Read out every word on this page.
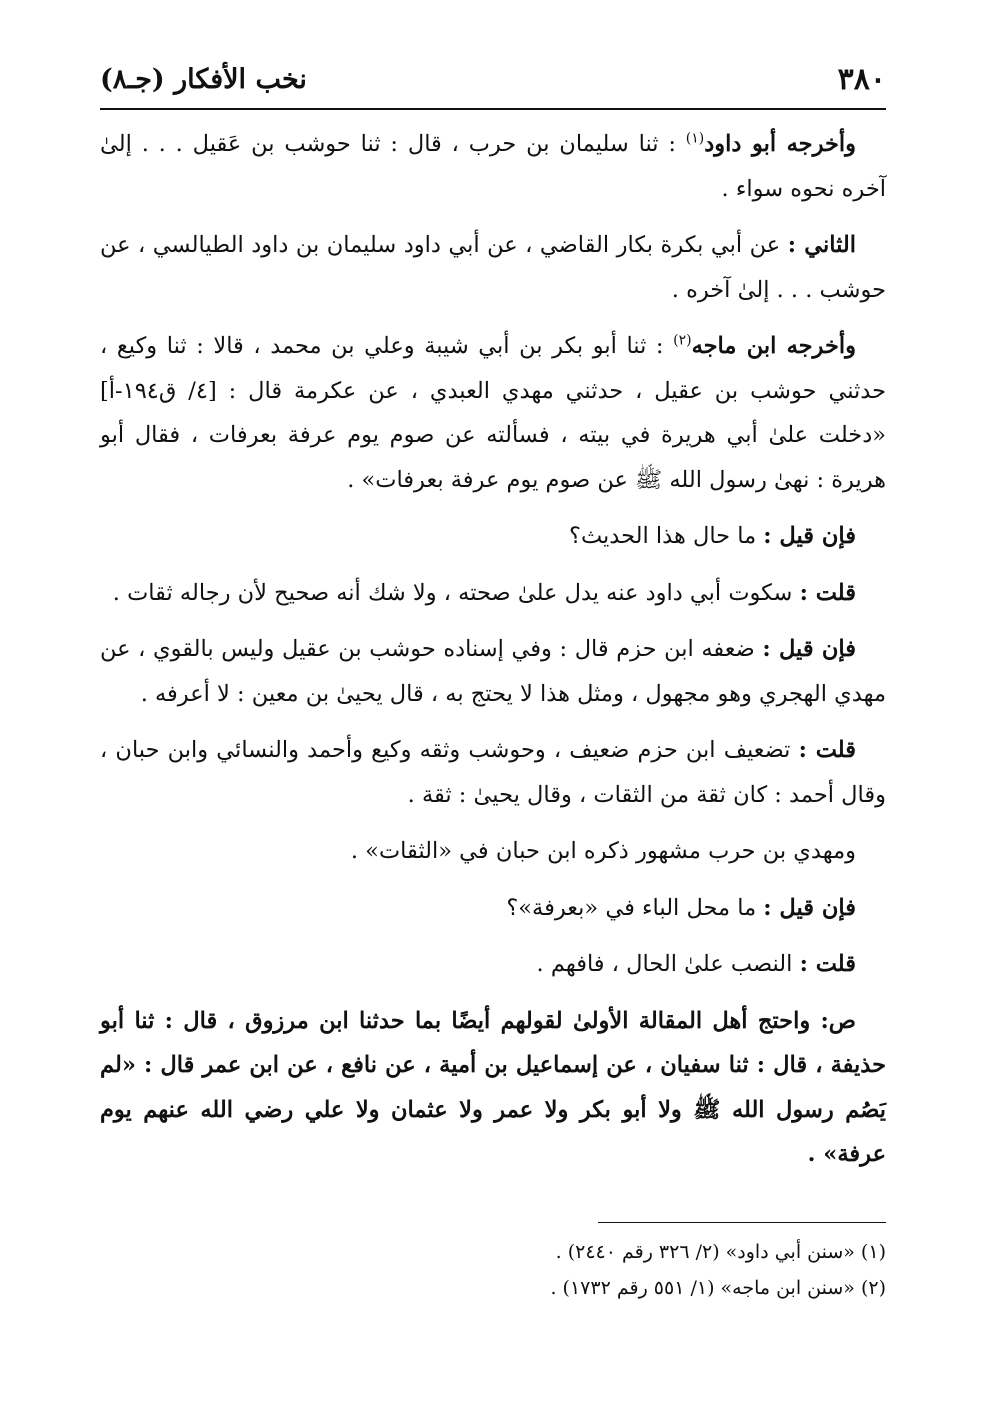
٣٨٠
نخب الأفكار (جـ٨)

وأخرجه أبو داود$^{(١)}$ : ثنا سليمان بن حرب ، قال : ثنا حوشب بن عَقيل . . . إلىٰ آخره نحوه سواء .

الثاني : عن أبي بكرة بكار القاضي ، عن أبي داود سليمان بن داود الطيالسي ، عن حوشب . . . إلىٰ آخره .

وأخرجه ابن ماجه$^{(٢)}$ : ثنا أبو بكر بن أبي شيبة وعلي بن محمد ، قالا : ثنا وكيع ، حدثني حوشب بن عقيل ، حدثني مهدي العبدي ، عن عكرمة قال : [٤/ ق١٩٤-أ] «دخلت علىٰ أبي هريرة في بيته ، فسألته عن صوم يوم عرفة بعرفات ، فقال أبو هريرة : نهىٰ رسول الله ﷺ عن صوم يوم عرفة بعرفات» .

فإن قيل : ما حال هذا الحديث؟

قلت : سكوت أبي داود عنه يدل علىٰ صحته ، ولا شك أنه صحيح لأن رجاله ثقات .

فإن قيل : ضعفه ابن حزم قال : وفي إسناده حوشب بن عقيل وليس بالقوي ، عن مهدي الهجري وهو مجهول ، ومثل هذا لا يحتج به ، قال يحيىٰ بن معين : لا أعرفه .

قلت : تضعيف ابن حزم ضعيف ، وحوشب وثقه وكيع وأحمد والنسائي وابن حبان ، وقال أحمد : كان ثقة من الثقات ، وقال يحيىٰ : ثقة .

ومهدي بن حرب مشهور ذكره ابن حبان في «الثقات» .

فإن قيل : ما محل الباء في «بعرفة»؟

قلت : النصب علىٰ الحال ، فافهم .

ص: واحتج أهل المقالة الأولىٰ لقولهم أيضًا بما حدثنا ابن مرزوق ، قال : ثنا أبو حذيفة ، قال : ثنا سفيان ، عن إسماعيل بن أمية ، عن نافع ، عن ابن عمر قال : «لم يَصُم رسول الله ﷺ ولا أبو بكر ولا عمر ولا عثمان ولا علي رضي الله عنهم يوم عرفة» .

(١) «سنن أبي داود» (٢/ ٣٢٦ رقم ٢٤٤٠) .
(٢) «سنن ابن ماجه» (١/ ٥٥١ رقم ١٧٣٢) .
